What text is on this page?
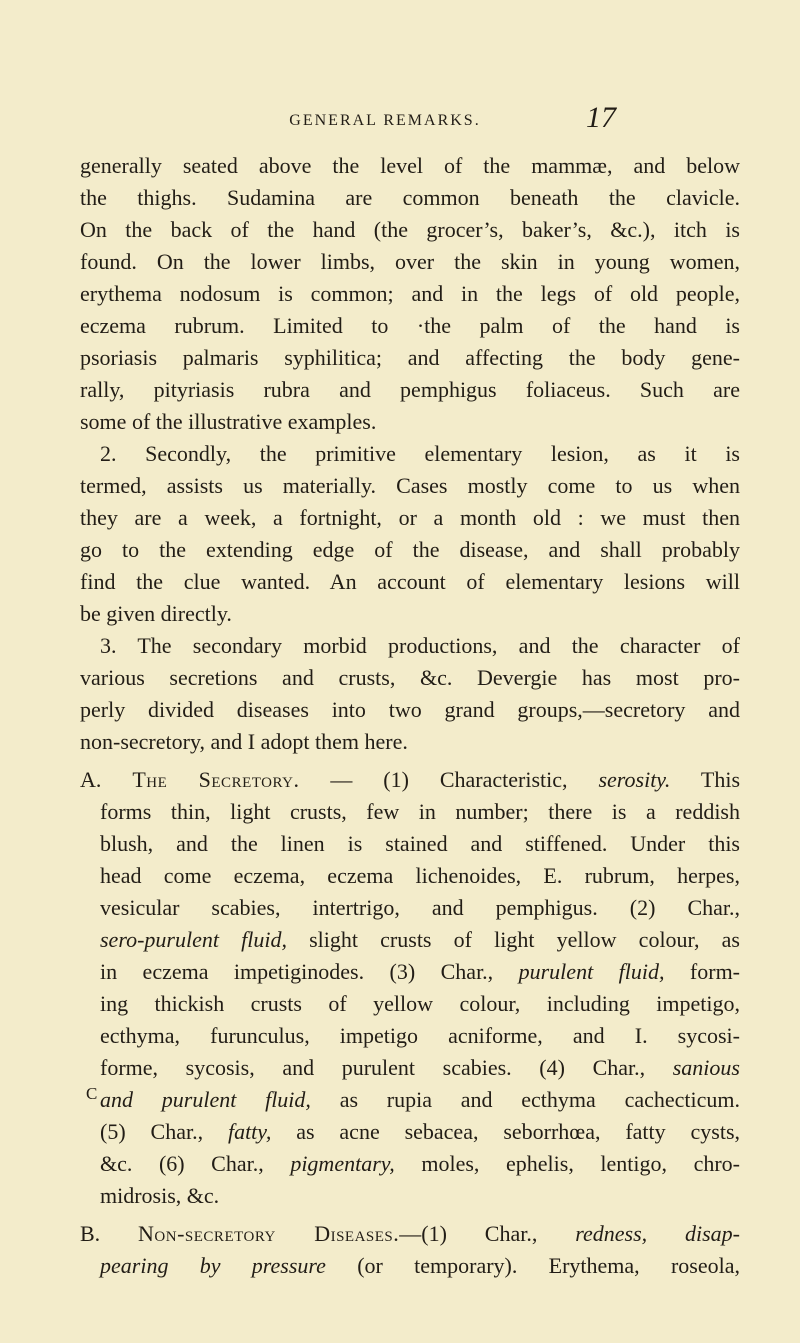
GENERAL REMARKS.	17
generally seated above the level of the mammæ, and below
the thighs. Sudamina are common beneath the clavicle.
On the back of the hand (the grocer’s, baker’s, &c.), itch is
found. On the lower limbs, over the skin in young women,
erythema nodosum is common; and in the legs of old people,
eczema rubrum. Limited to ·the palm of the hand is
psoriasis palmaris syphilitica; and affecting the body gene-
rally, pityriasis rubra and pemphigus foliaceus. Such are
some of the illustrative examples.
2. Secondly, the primitive elementary lesion, as it is
termed, assists us materially. Cases mostly come to us when
they are a week, a fortnight, or a month old : we must then
go to the extending edge of the disease, and shall probably
find the clue wanted. An account of elementary lesions will
be given directly.
3. The secondary morbid productions, and the character of
various secretions and crusts, &c. Devergie has most pro-
perly divided diseases into two grand groups,—secretory and
non-secretory, and I adopt them here.
A. The Secretory. — (1) Characteristic, serosity. This
forms thin, light crusts, few in number; there is a reddish
blush, and the linen is stained and stiffened. Under this
head come eczema, eczema lichenoides, E. rubrum, herpes,
vesicular scabies, intertrigo, and pemphigus. (2) Char.,
sero-purulent fluid, slight crusts of light yellow colour, as
in eczema impetiginodes. (3) Char., purulent fluid, form-
ing thickish crusts of yellow colour, including impetigo,
ecthyma, furunculus, impetigo acniforme, and I. sycosi-
forme, sycosis, and purulent scabies. (4) Char., sanious
and purulent fluid, as rupia and ecthyma cachecticum.
(5) Char., fatty, as acne sebacea, seborrhœa, fatty cysts,
&c. (6) Char., pigmentary, moles, ephelis, lentigo, chro-
midrosis, &c.
B. Non-secretory Diseases.—(1) Char., redness, disap-
pearing by pressure (or temporary). Erythema, roseola,
C
